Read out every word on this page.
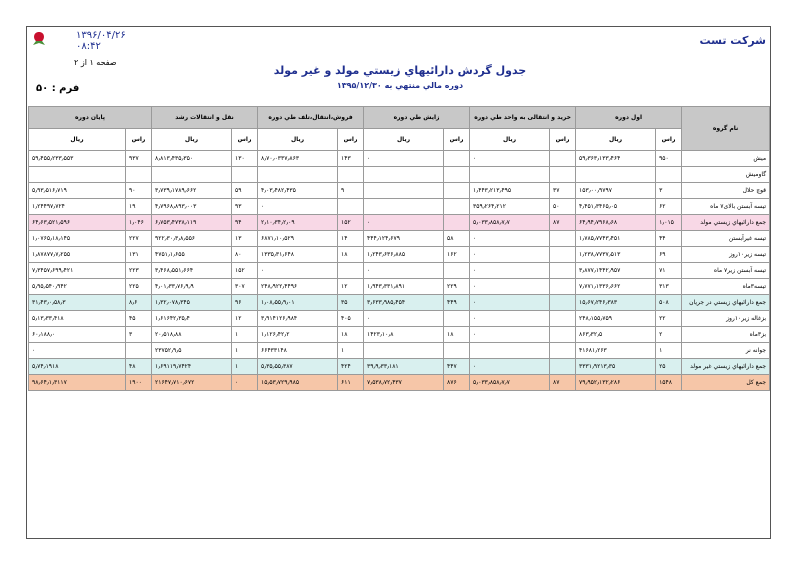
شرکت تست
۱۳۹۶/۰۴/۲۶
۰۸:۴۲
صفحه ۱ از ۲
جدول گردش دارائيهاي زيستي مولد و غير مولد
دوره مالي منتهي به ۱۳۹۵/۱۲/۳۰
فرم : ۵۰
نام گروه	اول دوره		خرید و انتقالی به واحد طي دوره		زايش طي دوره		فروش،انتقال،تلف طي دوره		نقل و انتقالات رشد		پايان دوره	
	راس	ريال	راس	ريال	راس	ريال	راس	ريال	راس	ريال	راس	ريال
ميش	۹۵۰	۵۹٫۳۶۳٫۱۳۳٫۴۶۴		۰		۰	۱۴۳	۸٫۷۰٫۰۳۳۷٫۸۶۳	۱۳۰	۸٫۸۱۳٫۴۳۵٫۳۵۰	۹۳۷	۵۹٫۴۵۵٫۲۳۳٫۵۵۳
گاومیش												
قوچ حلال	۳	۱۵۳٫۰۰٫۹۷۹۷	۳۷	۱٫۴۴۳٫۲۱۳٫۴۹۵			۹	۴٫۰۳٫۴۸۲٫۴۳۵	۵۹	۳٫۷۳۹٫۱۷۸۹٫۶۶۲	۹۰	۵٫۹۳٫۵۱۶٫۷۱۹
تیسه آبستن بالای۷ ماه	۶۲	۴٫۴۵۱٫۳۴۶۵٫۰۵	۵۰	۳۵۹٫۲۶۴٫۲۱۲				۰	۹۳	۴٫۷۹۶۸٫۸۹۳٫۰۰۳	۱۹	۱٫۲۴۴۹۷٫۷۲۴
جمع دارائيهاي زيستي مولد	۱٫۰۱۵	۶۴٫۹۴٫۷۹۶۸٫۶۸	۸۷	۵٫۰۳۳٫۸۵۸٫۷٫۷		۰	۱۵۲	۲٫۱۰٫۳۴٫۲٫۰۹	۹۴	۶٫۷۵۳٫۴۷۳۸٫۱۱۹	۱٫۰۴۶	۶۴٫۶۳٫۵۲۱٫۵۹۶
تیسه غیرآبستن	۴۴	۱٫۷۸۵٫۷۷۴۳٫۴۵۱		۰	۵۸	۴۴۴٫۱۲۴٫۶۷۹	۱۴	۶۸۷۱٫۱۰٫۵۲۹	۱۳	۹۲۲٫۳۰٫۳٫۸٫۵۵۶	۲۲۷	۱٫۰۷۶۵٫۱۸٫۱۴۵
تیسه زیر۱۰روز	۶۹	۱٫۲۳۸٫۷۷۳۷٫۵۱۳		۰	۱۶۲	۱٫۲۴۳٫۶۳۶٫۸۸۵	۱۸	۱۳۳۵٫۳۱٫۶۴۸	۸۰	۴۷۵۱٫۱٫۶۵۵	۱۳۱	۱٫۸۷۸۷۷٫۷٫۲۵۵
تیسه آبستن زیر۷ ماه	۷۱	۳٫۸۷۷٫۱۴۴۲٫۹۵۷		۰		۰		۰	۱۵۲	۳٫۴۶۸٫۵۵۱٫۶۶۴	۲۲۳	۷٫۳۴۵۷٫۶۹۹٫۴۲۱
تیسه۳ماه	۳۱۳	۷٫۷۷۱٫۱۳۳۶٫۶۶۲		۰	۲۲۹	۱٫۹۴۳٫۳۳۱٫۸۹۱	۱۲	۲۴۸٫۹۲۲٫۴۴۹۶	۳۰۷	۴٫۰۱٫۳۳٫۷۶٫۹٫۹	۲۲۵	۵٫۹۵٫۵۴۰٫۹۴۲
جمع دارائيهاي زيستي در جريان	۵۰۸	۱۵٫۶۷٫۲۴۶٫۳۸۳		۰	۴۴۹	۳٫۶۳۳٫۹۸۵٫۴۵۴	۳۵	۱٫۰۸٫۵۵٫۹٫۰۱	۹۶	۱٫۳۲٫۰۷۸٫۳۴۵	۸٫۶	۳۱٫۴۳٫۰٫۵۸٫۳
بزغاله زیر۱۰روز	۲۲	۲۴۸٫۱۵۵٫۷۵۹		۰		۰	۴۰۵	۳٫۹۱۴۱۲۶٫۹۸۴	۱۲	۱٫۶۱۶۴۲٫۳۵٫۴	۴۵	۵٫۱۳٫۳۳٫۴۱۸
بز۳ماه	۲	۸۶۳٫۳۲٫۵		۰	۱۸	۱۴۲۳٫۱۰٫۸	۱۸	۱٫۱۲۶٫۴۲٫۲	۱	۲۰٫۵۱۸٫۸۸	۳	۶۰٫۱۸۸٫۰
جوانه نر	۱	۴۱۶۸۱٫۲۶۳					۱	۶۶۴۳۳۱۴۸	۱	۲۳۷۵۲٫۹٫۵		۰
جمع دارائيهاي زيستي غير مولد	۲۵	۳۳۳۱٫۹۲۱۳٫۳۵		۰	۴۴۷	۳۹٫۹٫۳۳٫۱۸۱	۴۲۴	۵٫۳۵٫۵۵٫۳۸۷	۱	۱٫۶۹۱۱۹٫۷۴۲۴	۴۸	۵٫۷۴٫۱۹۱۸
جمع کل	۱۵۴۸	۷۹٫۹۵۲٫۱۳۲٫۲۸۶	۸۷	۵٫۰۳۳٫۸۵۸٫۷٫۷	۸۷۶	۷٫۵۳۸٫۷۲٫۴۳۷	۶۱۱	۱۵٫۵۳٫۷۲۹٫۹۸۵	۰	۲۱۶۴۷٫۷۱۰٫۶۷۲	۱۹۰۰	۹۸٫۶۴٫۱٫۳۱۱۷
